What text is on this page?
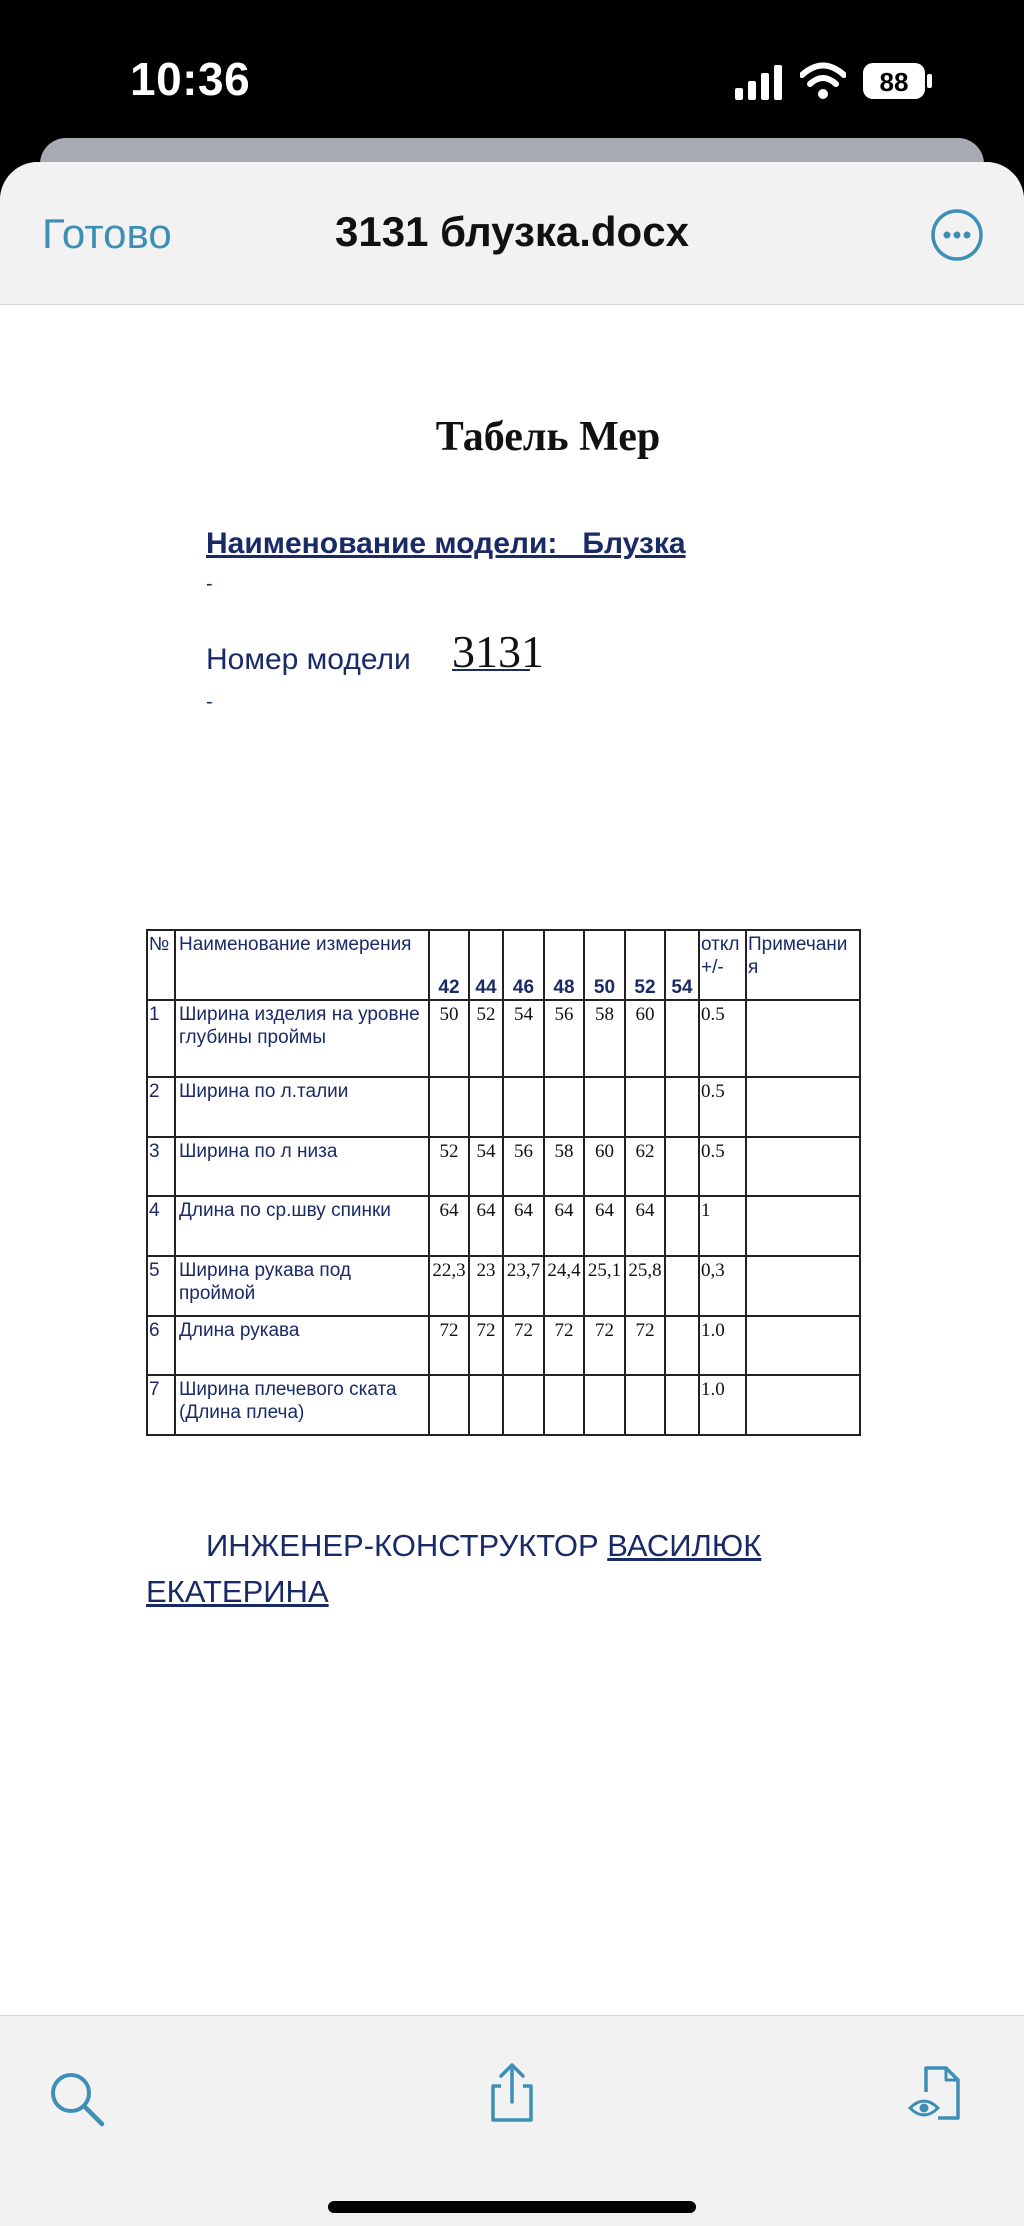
10:36	88
Готово	3131 блузка.docx
Табель Мер
Наименование модели: _Блузка
-
Номер модели 3131
-
№	Наименование измерения	42	44	46	48	50	52	54	откл +/-	Примечани я
1	Ширина изделия на уровне глубины проймы	50	52	54	56	58	60		0.5	
2	Ширина по л.талии								0.5	
3	Ширина по л низа	52	54	56	58	60	62		0.5	
4	Длина по ср.шву спинки	64	64	64	64	64	64		1	
5	Ширина рукава под проймой	22,3	23	23,7	24,4	25,1	25,8		0,3	
6	Длина рукава	72	72	72	72	72	72		1.0	
7	Ширина плечевого ската (Длина плеча)								1.0	
ИНЖЕНЕР-КОНСТРУКТОР ВАСИЛЮК ЕКАТЕРИНА
